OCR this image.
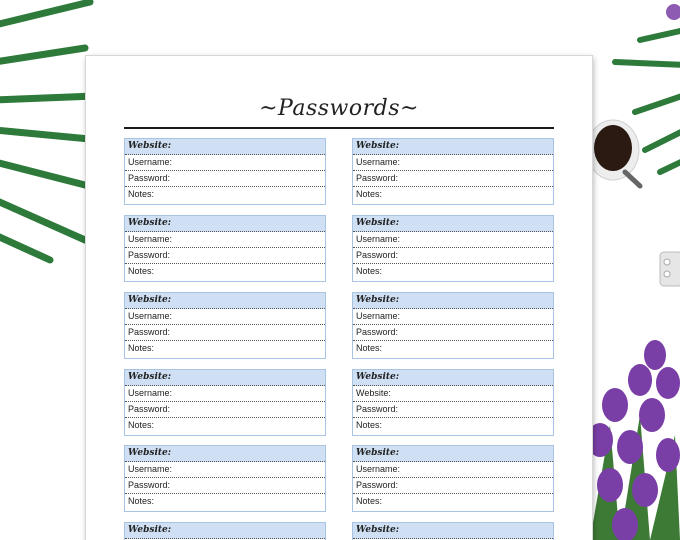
~Passwords~
Website:
Username:
Password:
Notes:
Website:
Username:
Password:
Notes:
Website:
Username:
Password:
Notes:
Website:
Username:
Password:
Notes:
Website:
Username:
Password:
Notes:
Website:
Username:
Password:
Notes:
Website:
Username:
Password:
Notes:
Website:
Website:
Password:
Notes:
Website:
Username:
Password:
Notes:
Website:
Username:
Password:
Notes:
Website:	Website:
